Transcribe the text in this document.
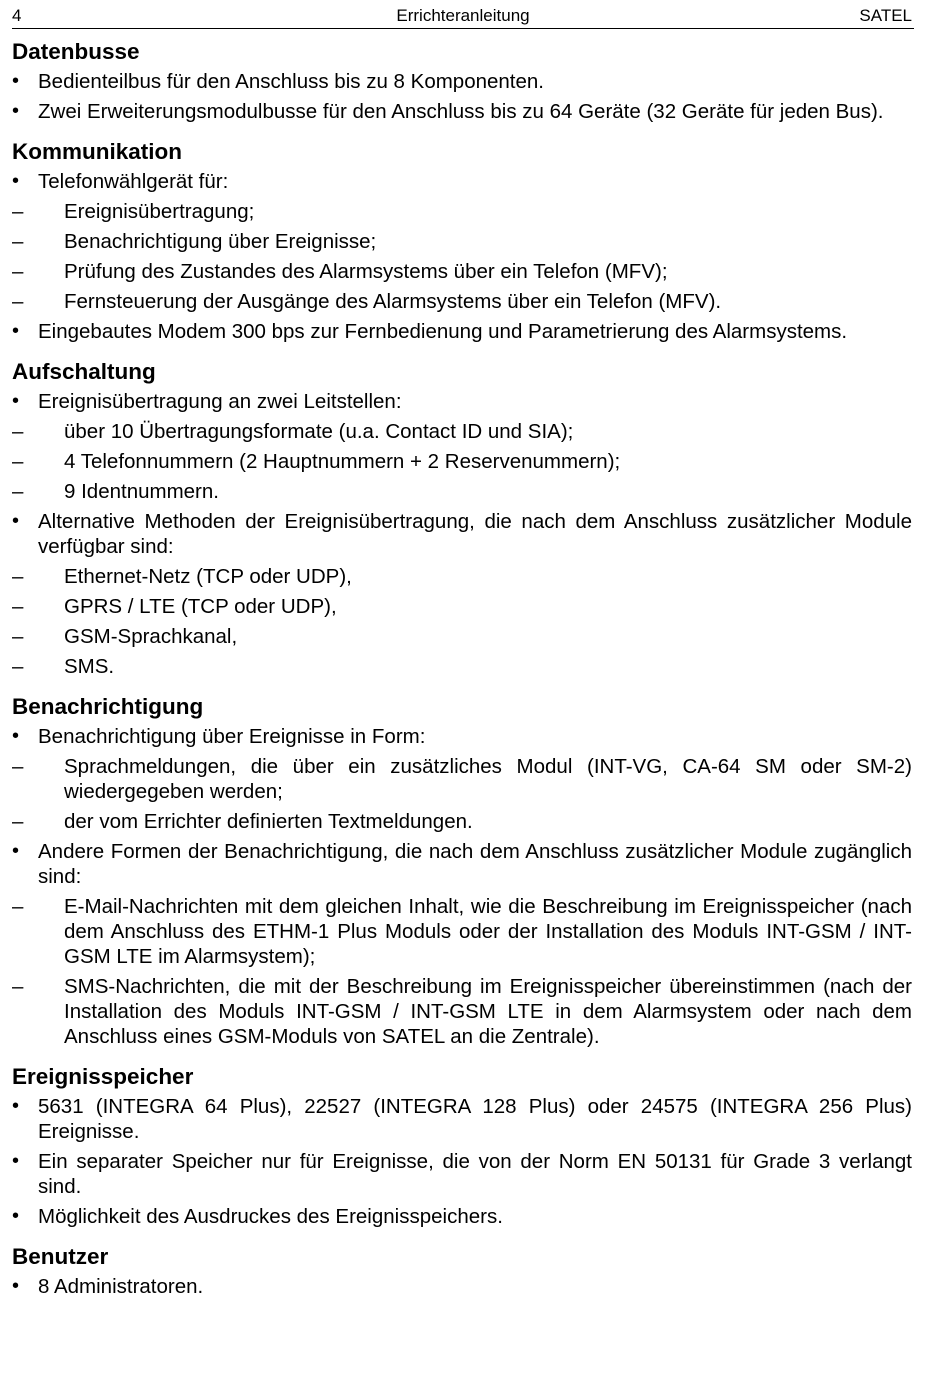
4	Errichteranleitung	SATEL
Datenbusse
• Bedienteilbus für den Anschluss bis zu 8 Komponenten.
• Zwei Erweiterungsmodulbusse für den Anschluss bis zu 64 Geräte (32 Geräte für jeden Bus).
Kommunikation
• Telefonwählgerät für:
– Ereignisübertragung;
– Benachrichtigung über Ereignisse;
– Prüfung des Zustandes des Alarmsystems über ein Telefon (MFV);
– Fernsteuerung der Ausgänge des Alarmsystems über ein Telefon (MFV).
• Eingebautes Modem 300 bps zur Fernbedienung und Parametrierung des Alarmsystems.
Aufschaltung
• Ereignisübertragung an zwei Leitstellen:
– über 10 Übertragungsformate (u.a. Contact ID und SIA);
– 4 Telefonnummern (2 Hauptnummern + 2 Reservenummern);
– 9 Identnummern.
• Alternative Methoden der Ereignisübertragung, die nach dem Anschluss zusätzlicher Module verfügbar sind:
– Ethernet-Netz (TCP oder UDP),
– GPRS / LTE (TCP oder UDP),
– GSM-Sprachkanal,
– SMS.
Benachrichtigung
• Benachrichtigung über Ereignisse in Form:
– Sprachmeldungen, die über ein zusätzliches Modul (INT-VG, CA-64 SM oder SM-2) wiedergegeben werden;
– der vom Errichter definierten Textmeldungen.
• Andere Formen der Benachrichtigung, die nach dem Anschluss zusätzlicher Module zugänglich sind:
– E-Mail-Nachrichten mit dem gleichen Inhalt, wie die Beschreibung im Ereignisspeicher (nach dem Anschluss des ETHM-1 Plus Moduls oder der Installation des Moduls INT-GSM / INT-GSM LTE im Alarmsystem);
– SMS-Nachrichten, die mit der Beschreibung im Ereignisspeicher übereinstimmen (nach der Installation des Moduls INT-GSM / INT-GSM LTE in dem Alarmsystem oder nach dem Anschluss eines GSM-Moduls von SATEL an die Zentrale).
Ereignisspeicher
• 5631 (INTEGRA 64 Plus), 22527 (INTEGRA 128 Plus) oder 24575 (INTEGRA 256 Plus) Ereignisse.
• Ein separater Speicher nur für Ereignisse, die von der Norm EN 50131 für Grade 3 verlangt sind.
• Möglichkeit des Ausdruckes des Ereignisspeichers.
Benutzer
• 8 Administratoren.
